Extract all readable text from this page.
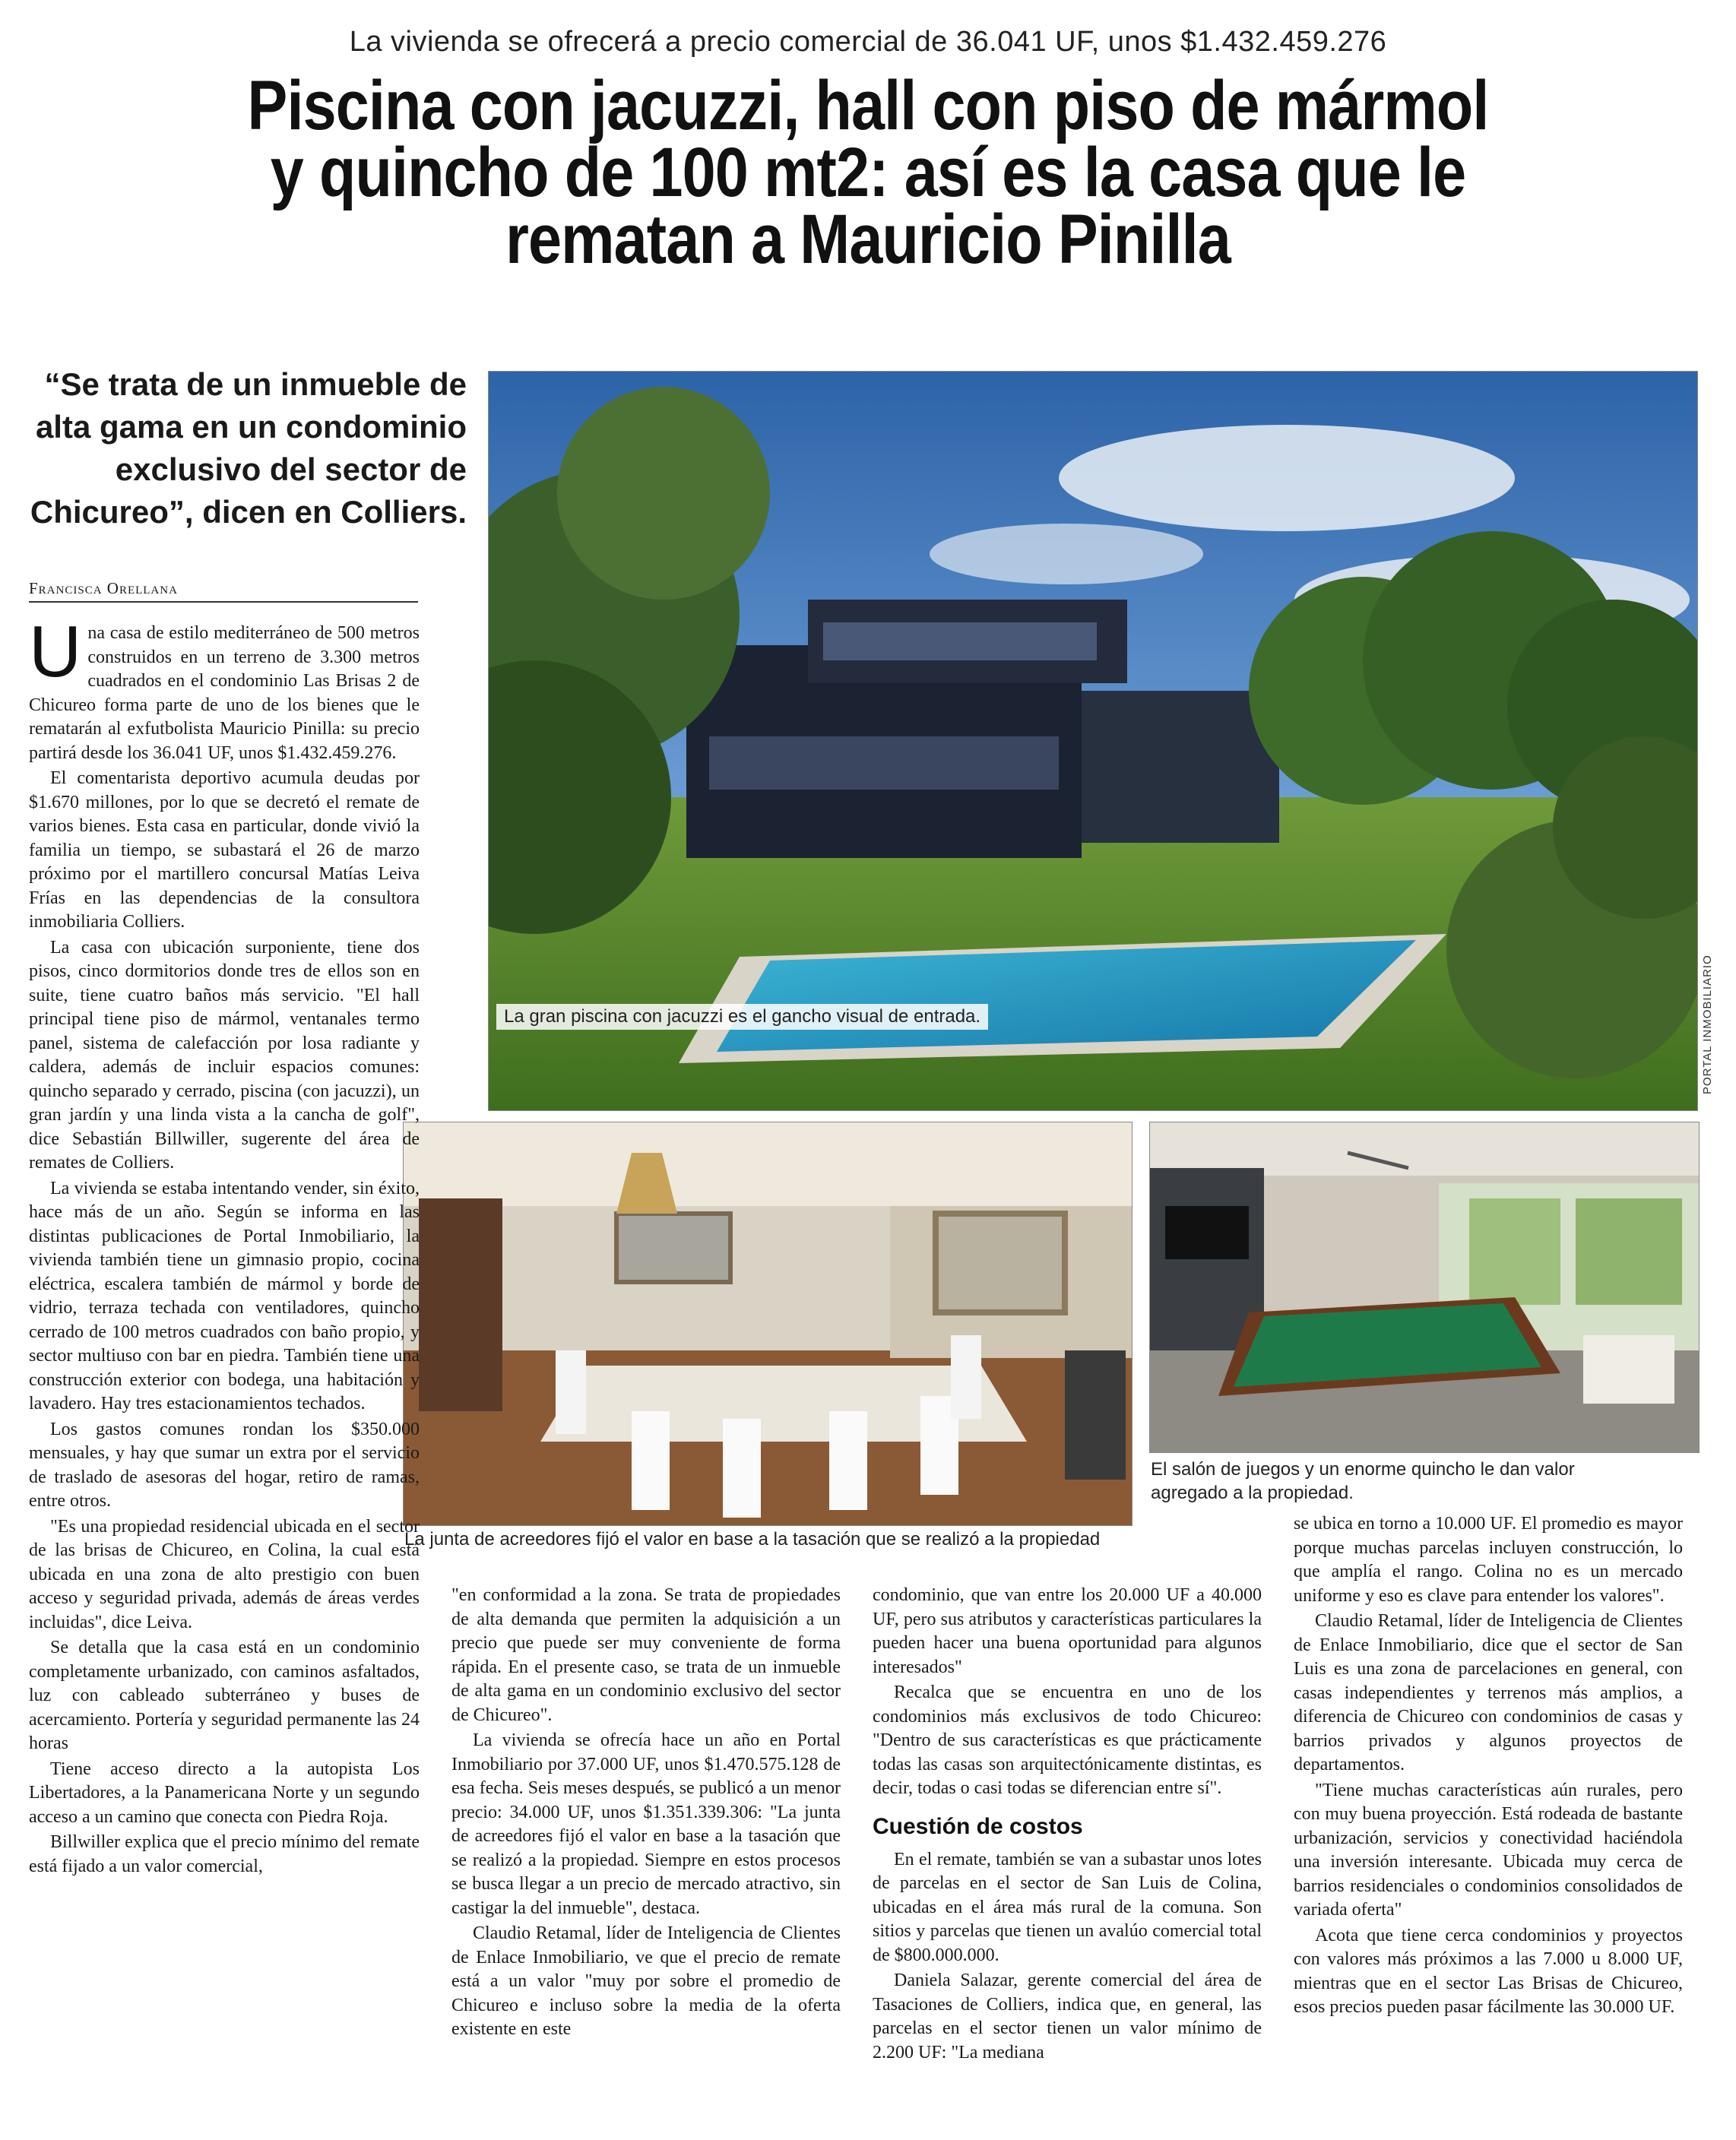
La vivienda se ofrecerá a precio comercial de 36.041 UF, unos $1.432.459.276
Piscina con jacuzzi, hall con piso de mármol
y quincho de 100 mt2: así es la casa que le
rematan a Mauricio Pinilla
“Se trata de un inmueble de alta gama en un condominio exclusivo del sector de Chicureo”, dicen en Colliers.
Francisca Orellana
La gran piscina con jacuzzi es el gancho visual de entrada.	PORTAL INMOBILIARIO
La junta de acreedores fijó el valor en base a la tasación que se realizó a la propiedad
El salón de juegos y un enorme quincho le dan valor agregado a la propiedad.

Una casa de estilo mediterráneo de 500 metros construidos en un terreno de 3.300 metros cuadrados en el condominio Las Brisas 2 de Chicureo forma parte de uno de los bienes que le rematarán al exfutbolista Mauricio Pinilla: su precio partirá desde los 36.041 UF, unos $1.432.459.276.

El comentarista deportivo acumula deudas por $1.670 millones, por lo que se decretó el remate de varios bienes. Esta casa en particular, donde vivió la familia un tiempo, se subastará el 26 de marzo próximo por el martillero concursal Matías Leiva Frías en las dependencias de la consultora inmobiliaria Colliers.

La casa con ubicación surponiente, tiene dos pisos, cinco dormitorios donde tres de ellos son en suite, tiene cuatro baños más servicio. "El hall principal tiene piso de mármol, ventanales termo panel, sistema de calefacción por losa radiante y caldera, además de incluir espacios comunes: quincho separado y cerrado, piscina (con jacuzzi), un gran jardín y una linda vista a la cancha de golf", dice Sebastián Billwiller, sugerente del área de remates de Colliers.

La vivienda se estaba intentando vender, sin éxito, hace más de un año. Según se informa en las distintas publicaciones de Portal Inmobiliario, la vivienda también tiene un gimnasio propio, cocina eléctrica, escalera también de mármol y borde de vidrio, terraza techada con ventiladores, quincho cerrado de 100 metros cuadrados con baño propio, y sector multiuso con bar en piedra. También tiene una construcción exterior con bodega, una habitación y lavadero. Hay tres estacionamientos techados.

Los gastos comunes rondan los $350.000 mensuales, y hay que sumar un extra por el servicio de traslado de asesoras del hogar, retiro de ramas, entre otros.

"Es una propiedad residencial ubicada en el sector de las brisas de Chicureo, en Colina, la cual está ubicada en una zona de alto prestigio con buen acceso y seguridad privada, además de áreas verdes incluidas", dice Leiva.

Se detalla que la casa está en un condominio completamente urbanizado, con caminos asfaltados, luz con cableado subterráneo y buses de acercamiento. Portería y seguridad permanente las 24 horas

Tiene acceso directo a la autopista Los Libertadores, a la Panamericana Norte y un segundo acceso a un camino que conecta con Piedra Roja.

Billwiller explica que el precio mínimo del remate está fijado a un valor comercial,

"en conformidad a la zona. Se trata de propiedades de alta demanda que permiten la adquisición a un precio que puede ser muy conveniente de forma rápida. En el presente caso, se trata de un inmueble de alta gama en un condominio exclusivo del sector de Chicureo".

La vivienda se ofrecía hace un año en Portal Inmobiliario por 37.000 UF, unos $1.470.575.128 de esa fecha. Seis meses después, se publicó a un menor precio: 34.000 UF, unos $1.351.339.306: "La junta de acreedores fijó el valor en base a la tasación que se realizó a la propiedad. Siempre en estos procesos se busca llegar a un precio de mercado atractivo, sin castigar la del inmueble", destaca.

Claudio Retamal, líder de Inteligencia de Clientes de Enlace Inmobiliario, ve que el precio de remate está a un valor "muy por sobre el promedio de Chicureo e incluso sobre la media de la oferta existente en este

condominio, que van entre los 20.000 UF a 40.000 UF, pero sus atributos y características particulares la pueden hacer una buena oportunidad para algunos interesados"

Recalca que se encuentra en uno de los condominios más exclusivos de todo Chicureo: "Dentro de sus características es que prácticamente todas las casas son arquitectónicamente distintas, es decir, todas o casi todas se diferencian entre sí".

Cuestión de costos

En el remate, también se van a subastar unos lotes de parcelas en el sector de San Luis de Colina, ubicadas en el área más rural de la comuna. Son sitios y parcelas que tienen un avalúo comercial total de $800.000.000.

Daniela Salazar, gerente comercial del área de Tasaciones de Colliers, indica que, en general, las parcelas en el sector tienen un valor mínimo de 2.200 UF: "La mediana

se ubica en torno a 10.000 UF. El promedio es mayor porque muchas parcelas incluyen construcción, lo que amplía el rango. Colina no es un mercado uniforme y eso es clave para entender los valores".

Claudio Retamal, líder de Inteligencia de Clientes de Enlace Inmobiliario, dice que el sector de San Luis es una zona de parcelaciones en general, con casas independientes y terrenos más amplios, a diferencia de Chicureo con condominios de casas y barrios privados y algunos proyectos de departamentos.

"Tiene muchas características aún rurales, pero con muy buena proyección. Está rodeada de bastante urbanización, servicios y conectividad haciéndola una inversión interesante. Ubicada muy cerca de barrios residenciales o condominios consolidados de variada oferta"

Acota que tiene cerca condominios y proyectos con valores más próximos a las 7.000 u 8.000 UF, mientras que en el sector Las Brisas de Chicureo, esos precios pueden pasar fácilmente las 30.000 UF.
